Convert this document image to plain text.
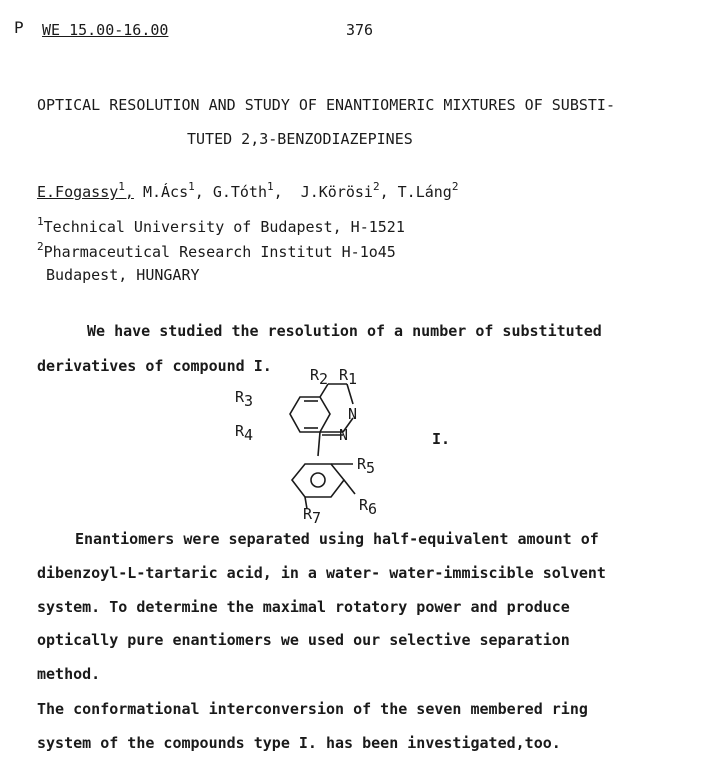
P WE 15.00-16.00	376
OPTICAL RESOLUTION AND STUDY OF ENANTIOMERIC MIXTURES OF SUBSTI-
TUTED 2,3-BENZODIAZEPINES
E.Fogassy$^1$, M.Ács$^1$, G.Tóth$^1$, J.Körösi$^2$, T.Láng$^2$
$^1$Technical University of Budapest, H-1521
$^2$Pharmaceutical Research Institut H-1o45
Budapest, HUNGARY
We have studied the resolution of a number of substituted
derivatives of compound I.	R2 R1
N
N
R3
R4
R5
R6
R7
I.
Enantiomers were separated using half-equivalent amount of
dibenzoyl-L-tartaric acid, in a water- water-immiscible solvent
system. To determine the maximal rotatory power and produce
optically pure enantiomers we used our selective separation
method.
The conformational interconversion of the seven membered ring
system of the compounds type I. has been investigated,too.
